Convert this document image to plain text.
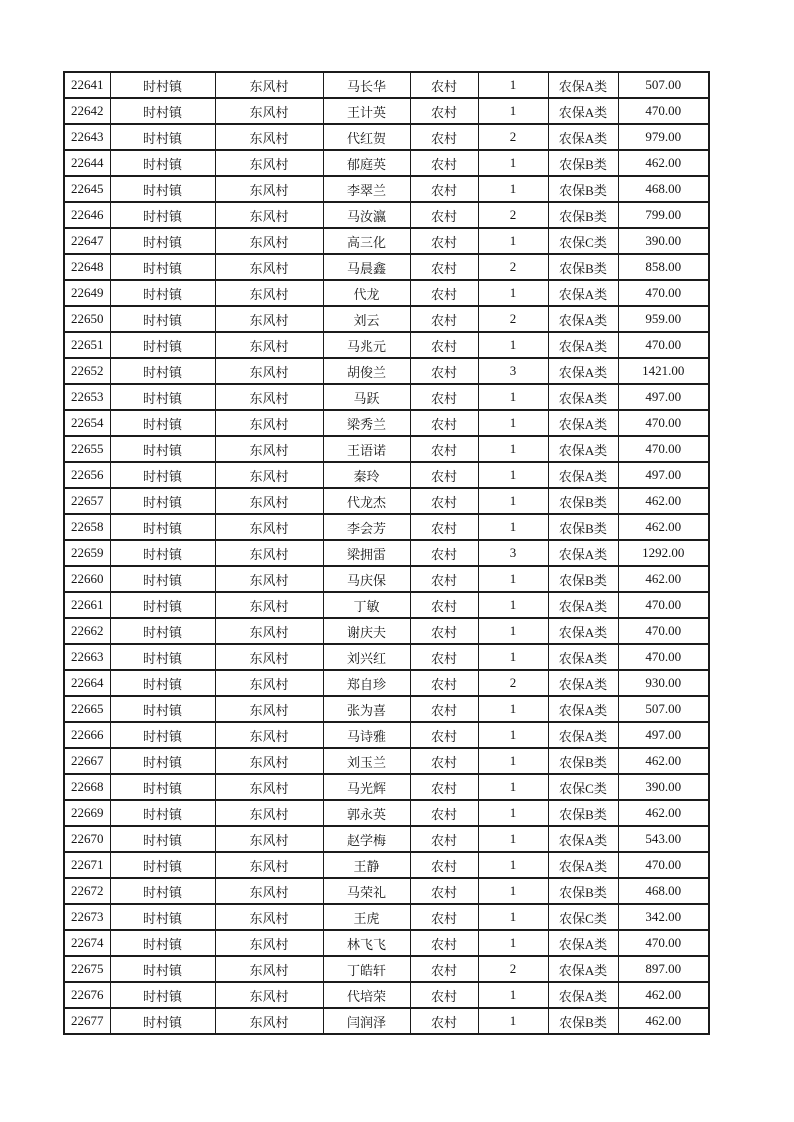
22641	时村镇	东风村	马长华	农村	1	农保A类	507.00
22642	时村镇	东风村	王计英	农村	1	农保A类	470.00
22643	时村镇	东风村	代红贺	农村	2	农保A类	979.00
22644	时村镇	东风村	郁庭英	农村	1	农保B类	462.00
22645	时村镇	东风村	李翠兰	农村	1	农保B类	468.00
22646	时村镇	东风村	马汝瀛	农村	2	农保B类	799.00
22647	时村镇	东风村	高三化	农村	1	农保C类	390.00
22648	时村镇	东风村	马晨鑫	农村	2	农保B类	858.00
22649	时村镇	东风村	代龙	农村	1	农保A类	470.00
22650	时村镇	东风村	刘云	农村	2	农保A类	959.00
22651	时村镇	东风村	马兆元	农村	1	农保A类	470.00
22652	时村镇	东风村	胡俊兰	农村	3	农保A类	1421.00
22653	时村镇	东风村	马跃	农村	1	农保A类	497.00
22654	时村镇	东风村	梁秀兰	农村	1	农保A类	470.00
22655	时村镇	东风村	王语诺	农村	1	农保A类	470.00
22656	时村镇	东风村	秦玲	农村	1	农保A类	497.00
22657	时村镇	东风村	代龙杰	农村	1	农保B类	462.00
22658	时村镇	东风村	李会芳	农村	1	农保B类	462.00
22659	时村镇	东风村	梁拥雷	农村	3	农保A类	1292.00
22660	时村镇	东风村	马庆保	农村	1	农保B类	462.00
22661	时村镇	东风村	丁敏	农村	1	农保A类	470.00
22662	时村镇	东风村	谢庆夫	农村	1	农保A类	470.00
22663	时村镇	东风村	刘兴红	农村	1	农保A类	470.00
22664	时村镇	东风村	郑自珍	农村	2	农保A类	930.00
22665	时村镇	东风村	张为喜	农村	1	农保A类	507.00
22666	时村镇	东风村	马诗雅	农村	1	农保A类	497.00
22667	时村镇	东风村	刘玉兰	农村	1	农保B类	462.00
22668	时村镇	东风村	马光辉	农村	1	农保C类	390.00
22669	时村镇	东风村	郭永英	农村	1	农保B类	462.00
22670	时村镇	东风村	赵学梅	农村	1	农保A类	543.00
22671	时村镇	东风村	王静	农村	1	农保A类	470.00
22672	时村镇	东风村	马荣礼	农村	1	农保B类	468.00
22673	时村镇	东风村	王虎	农村	1	农保C类	342.00
22674	时村镇	东风村	林飞飞	农村	1	农保A类	470.00
22675	时村镇	东风村	丁皓轩	农村	2	农保A类	897.00
22676	时村镇	东风村	代培荣	农村	1	农保A类	462.00
22677	时村镇	东风村	闫润泽	农村	1	农保B类	462.00
